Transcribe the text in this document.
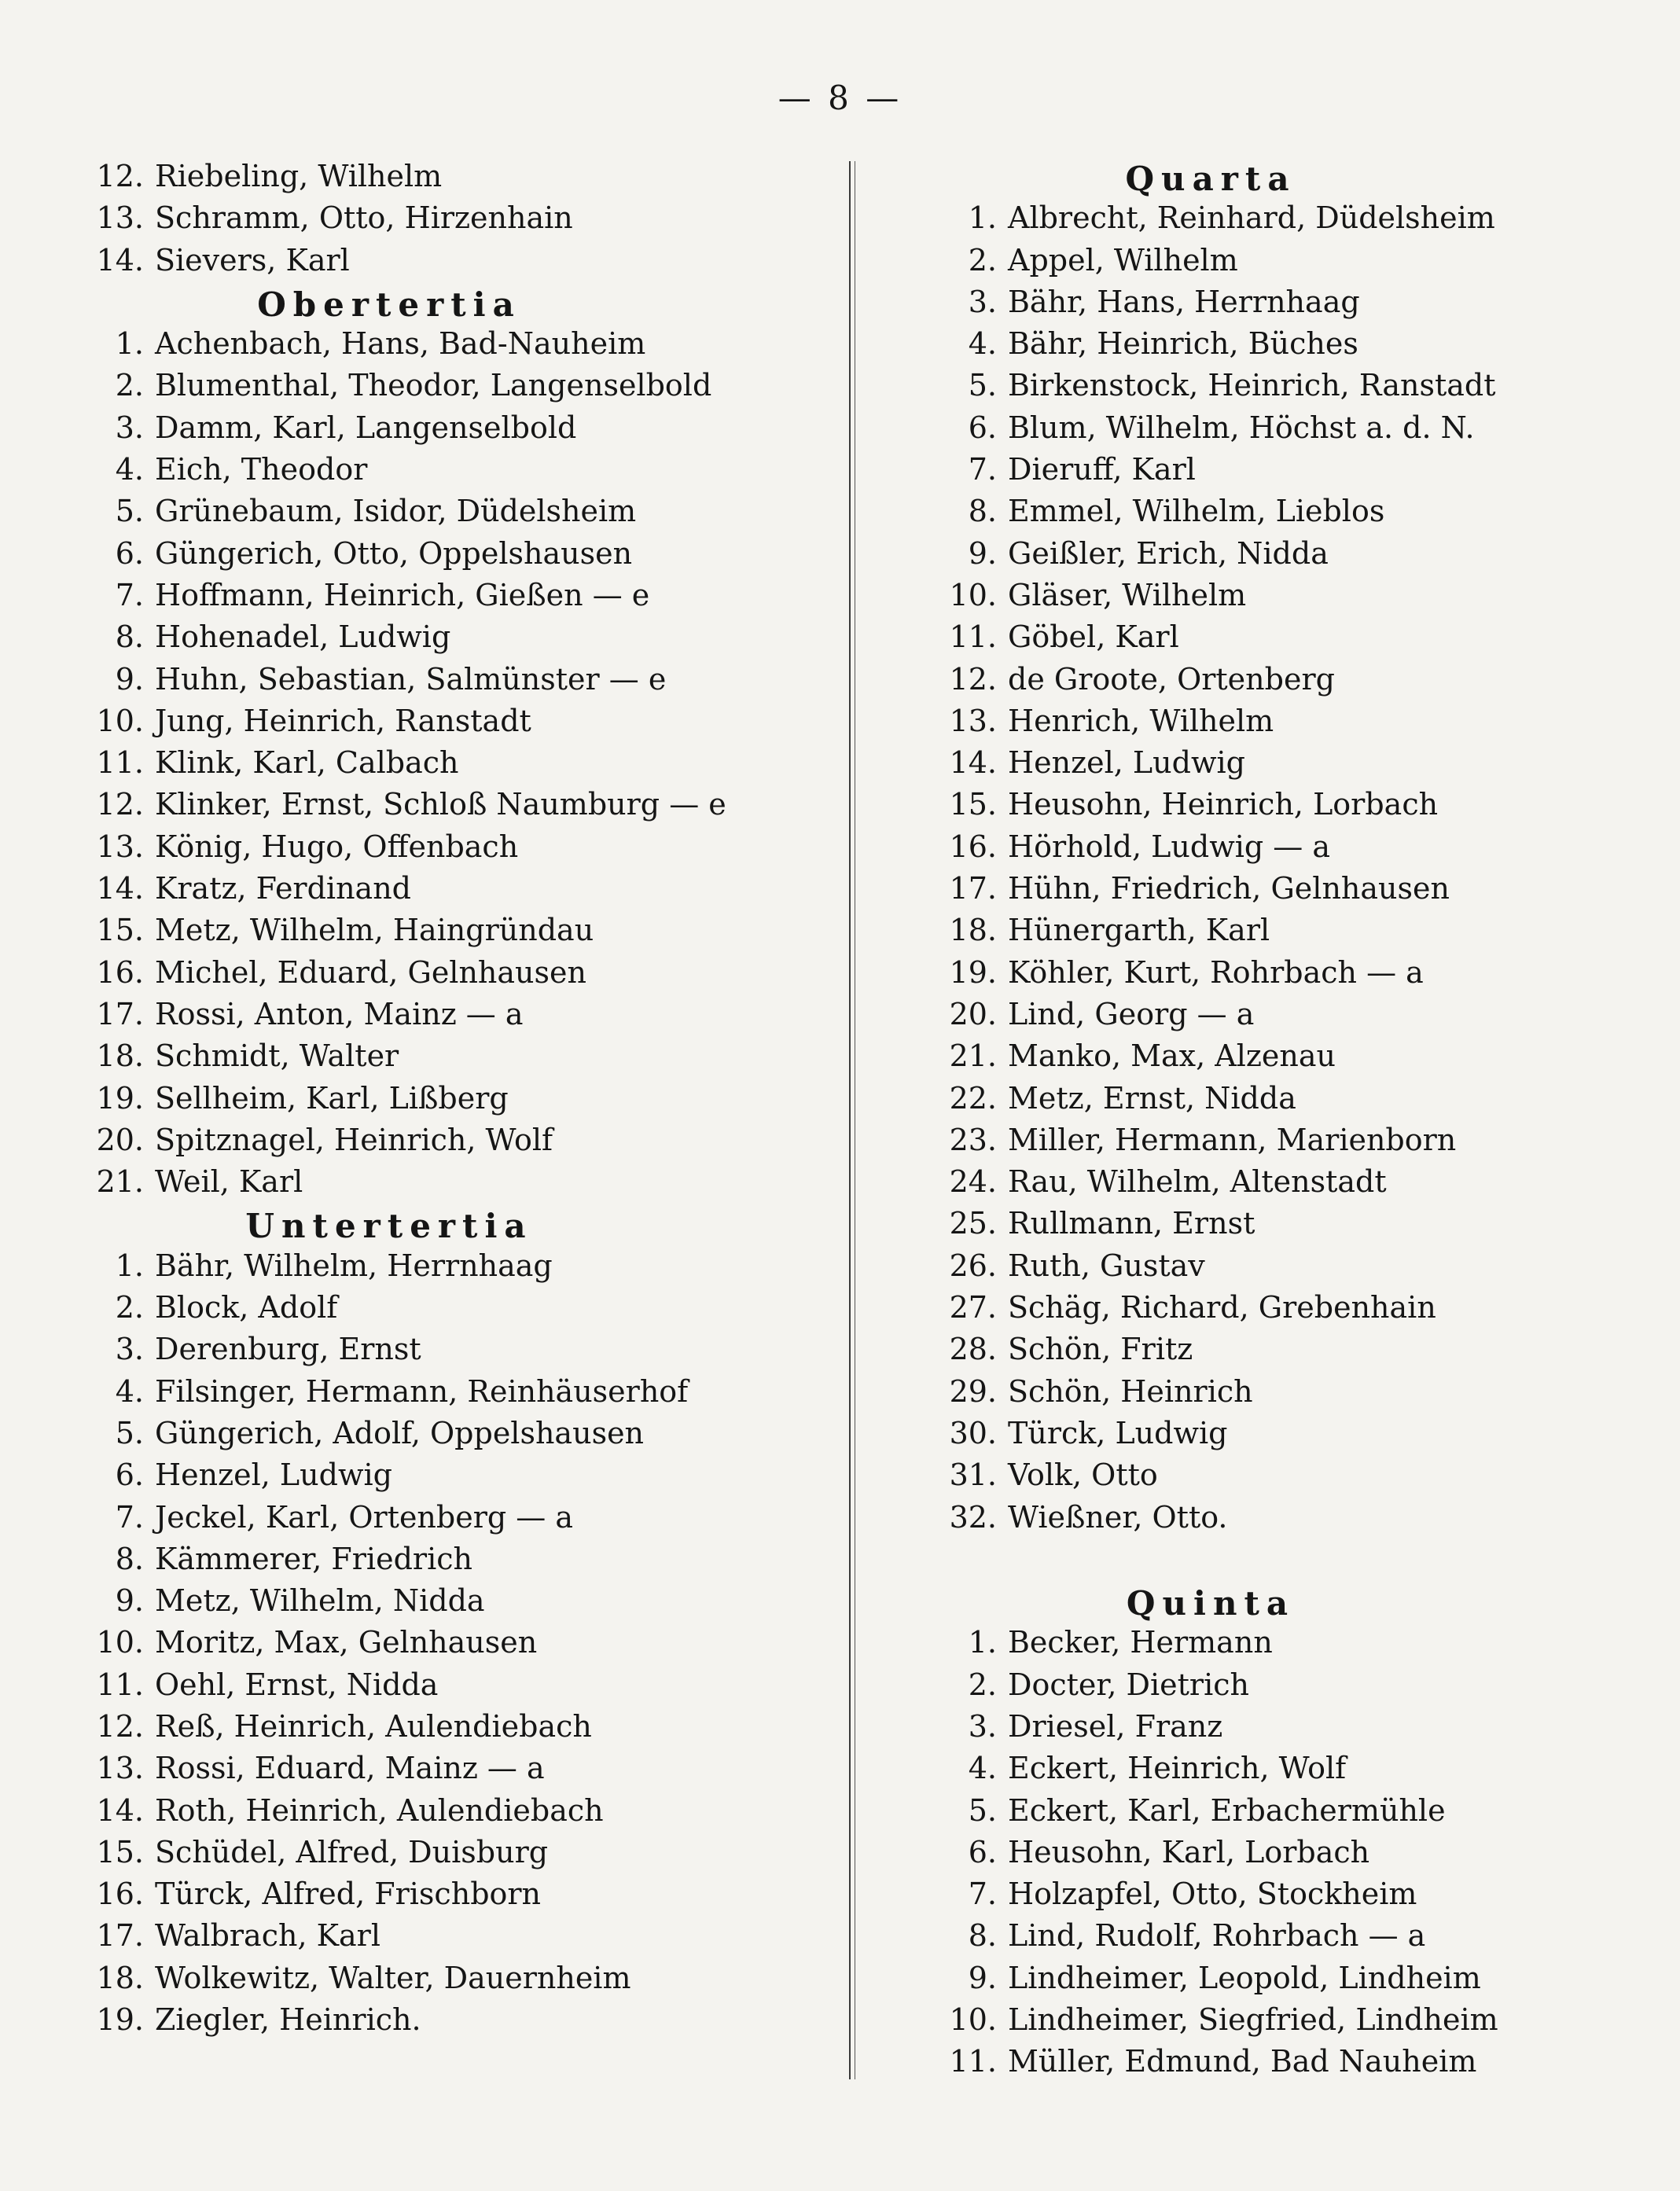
— 8 —
12. Riebeling, Wilhelm
13. Schramm, Otto, Hirzenhain
14. Sievers, Karl
Obertertia
1. Achenbach, Hans, Bad-Nauheim
2. Blumenthal, Theodor, Langenselbold
3. Damm, Karl, Langenselbold
4. Eich, Theodor
5. Grünebaum, Isidor, Düdelsheim
6. Güngerich, Otto, Oppelshausen
7. Hoffmann, Heinrich, Gießen — e
8. Hohenadel, Ludwig
9. Huhn, Sebastian, Salmünster — e
10. Jung, Heinrich, Ranstadt
11. Klink, Karl, Calbach
12. Klinker, Ernst, Schloß Naumburg — e
13. König, Hugo, Offenbach
14. Kratz, Ferdinand
15. Metz, Wilhelm, Haingründau
16. Michel, Eduard, Gelnhausen
17. Rossi, Anton, Mainz — a
18. Schmidt, Walter
19. Sellheim, Karl, Lißberg
20. Spitznagel, Heinrich, Wolf
21. Weil, Karl
Untertertia
1. Bähr, Wilhelm, Herrnhaag
2. Block, Adolf
3. Derenburg, Ernst
4. Filsinger, Hermann, Reinhäuserhof
5. Güngerich, Adolf, Oppelshausen
6. Henzel, Ludwig
7. Jeckel, Karl, Ortenberg — a
8. Kämmerer, Friedrich
9. Metz, Wilhelm, Nidda
10. Moritz, Max, Gelnhausen
11. Oehl, Ernst, Nidda
12. Reß, Heinrich, Aulendiebach
13. Rossi, Eduard, Mainz — a
14. Roth, Heinrich, Aulendiebach
15. Schüdel, Alfred, Duisburg
16. Türck, Alfred, Frischborn
17. Walbrach, Karl
18. Wolkewitz, Walter, Dauernheim
19. Ziegler, Heinrich.
Quarta
1. Albrecht, Reinhard, Düdelsheim
2. Appel, Wilhelm
3. Bähr, Hans, Herrnhaag
4. Bähr, Heinrich, Büches
5. Birkenstock, Heinrich, Ranstadt
6. Blum, Wilhelm, Höchst a. d. N.
7. Dieruff, Karl
8. Emmel, Wilhelm, Lieblos
9. Geißler, Erich, Nidda
10. Gläser, Wilhelm
11. Göbel, Karl
12. de Groote, Ortenberg
13. Henrich, Wilhelm
14. Henzel, Ludwig
15. Heusohn, Heinrich, Lorbach
16. Hörhold, Ludwig — a
17. Hühn, Friedrich, Gelnhausen
18. Hünergarth, Karl
19. Köhler, Kurt, Rohrbach — a
20. Lind, Georg — a
21. Manko, Max, Alzenau
22. Metz, Ernst, Nidda
23. Miller, Hermann, Marienborn
24. Rau, Wilhelm, Altenstadt
25. Rullmann, Ernst
26. Ruth, Gustav
27. Schäg, Richard, Grebenhain
28. Schön, Fritz
29. Schön, Heinrich
30. Türck, Ludwig
31. Volk, Otto
32. Wießner, Otto.
Quinta
1. Becker, Hermann
2. Docter, Dietrich
3. Driesel, Franz
4. Eckert, Heinrich, Wolf
5. Eckert, Karl, Erbachermühle
6. Heusohn, Karl, Lorbach
7. Holzapfel, Otto, Stockheim
8. Lind, Rudolf, Rohrbach — a
9. Lindheimer, Leopold, Lindheim
10. Lindheimer, Siegfried, Lindheim
11. Müller, Edmund, Bad Nauheim
